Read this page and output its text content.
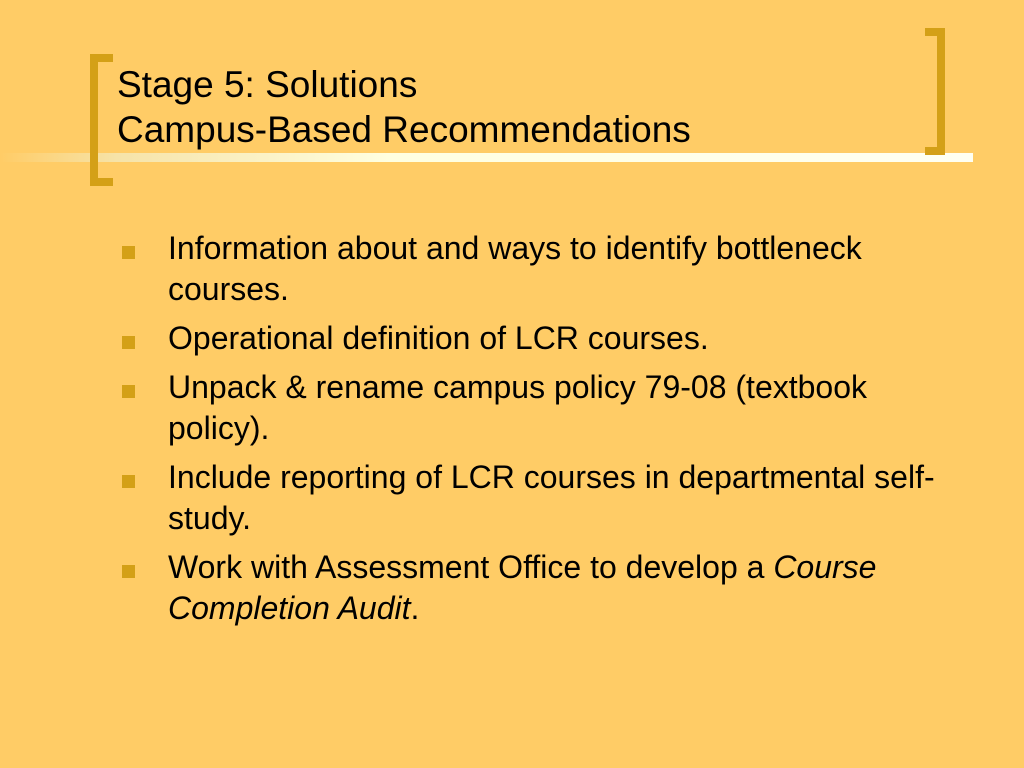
Stage 5: Solutions
Campus-Based Recommendations
Information about and ways to identify bottleneck courses.
Operational definition of LCR courses.
Unpack & rename campus policy 79-08 (textbook policy).
Include reporting of LCR courses in departmental self-study.
Work with Assessment Office to develop a Course Completion Audit.
